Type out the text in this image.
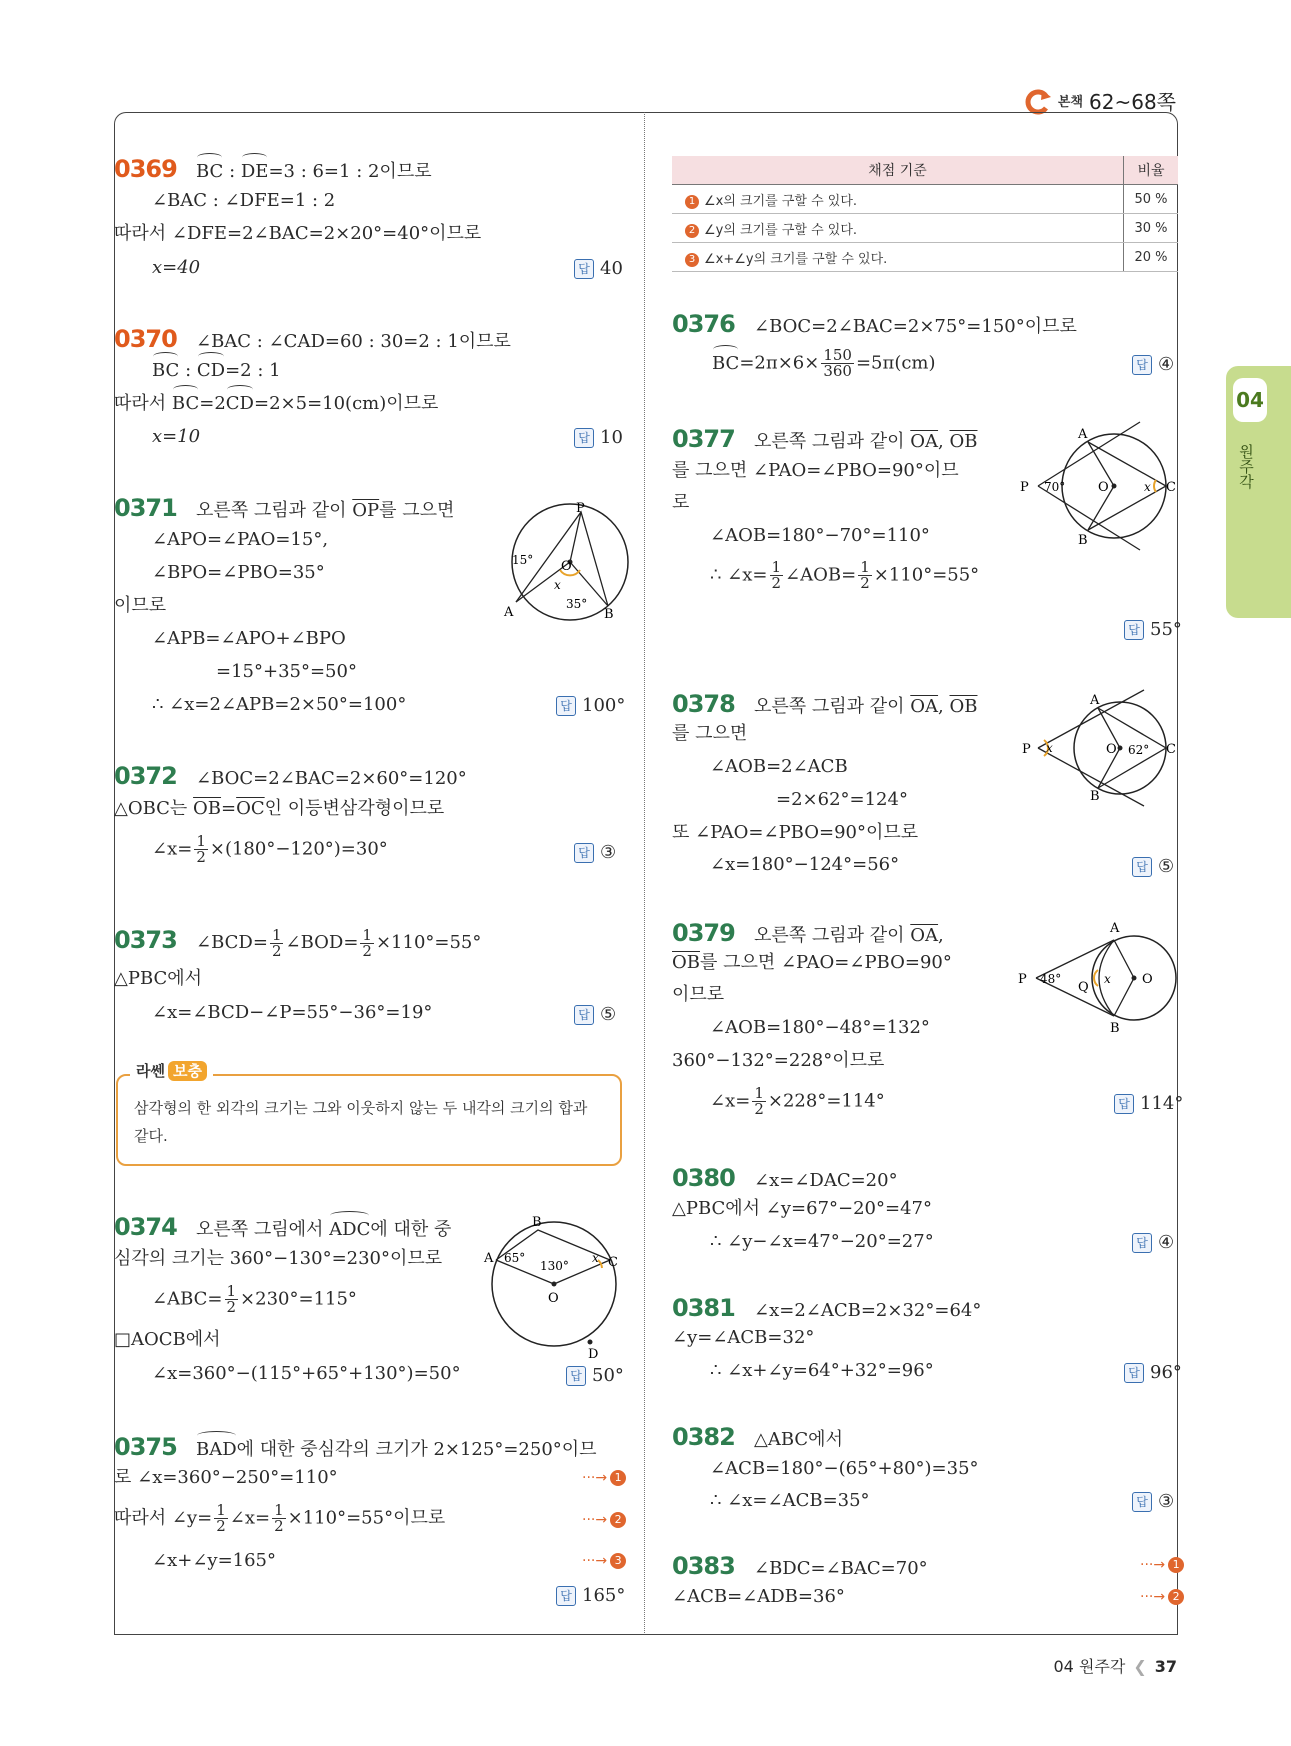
본책 62~68쪽
04
원주각
0369 BC : DE=3 : 6=1 : 2이므로
∠BAC : ∠DFE=1 : 2
따라서 ∠DFE=2∠BAC=2×20°=40°이므로
x=40	답 40
0370 ∠BAC : ∠CAD=60 : 30=2 : 1이므로
BC : CD=2 : 1
따라서 BC=2CD=2×5=10(cm)이므로
x=10	답 10
0371 오른쪽 그림과 같이 $\overline{OP}$를 그으면
∠APO=∠PAO=15°,
∠BPO=∠PBO=35°
이므로
∠APB=∠APO+∠BPO
=15°+35°=50°
∴ ∠x=2∠APB=2×50°=100°	답 100°
P
A	B
O
x
15°
35°
0372 ∠BOC=2∠BAC=2×60°=120°
△OBC는 $\overline{OB}=\overline{OC}$인 이등변삼각형이므로
∠x= $\frac{1}{2} \times(180^\circ-120^\circ)=30^\circ$	답 ③
0373 ∠BCD= $\frac{1}{2}$ ∠BOD= $\frac{1}{2} \times 110^\circ=55^\circ$
△PBC에서
∠x=∠BCD−∠P=55°−36°=19°	답 ⑤
라쎈 보충
삼각형의 한 외각의 크기는 그와 이웃하지 않는 두 내각의 크기의 합과 같다.
0374 오른쪽 그림에서 ADC에 대한 중
심각의 크기는 360°−130°=230°이므로
∠ABC= $\frac{1}{2} \times 230^\circ=115^\circ$
□AOCB에서
∠x=360°−(115°+65°+130°)=50°	답 50°
B
A	C
D
O
x
65°
130°
0375 BAD에 대한 중심각의 크기가 2×125°=250°이므
로 ∠x=360°−250°=110°	···→ 1
따라서 ∠y= $\frac{1}{2}$ ∠x= $\frac{1}{2} \times 110^\circ=55^\circ$이므로	···→ 2
∠x+∠y=165°	···→ 3
답 165°
채점 기준	비율
1 ∠x의 크기를 구할 수 있다.	50 %
2 ∠y의 크기를 구할 수 있다.	30 %
3 ∠x+∠y의 크기를 구할 수 있다.	20 %
0376 ∠BOC=2∠BAC=2×75°=150°이므로
$BC=2\pi\times 6\times \frac{150}{360} =5\pi(cm)$	답 ④
0377 오른쪽 그림과 같이 $\overline{OA}$, $\overline{OB}$
를 그으면 ∠PAO=∠PBO=90°이므
로
∠AOB=180°−70°=110°
∴ ∠x= $\frac{1}{2}$ ∠AOB= $\frac{1}{2} \times 110^\circ=55^\circ$
답 55°
A
B
C
O
P	x
70°
0378 오른쪽 그림과 같이 $\overline{OA}$, $\overline{OB}$
를 그으면
∠AOB=2∠ACB
=2×62°=124°
또 ∠PAO=∠PBO=90°이므로
∠x=180°−124°=56°	답 ⑤
A
B
C
O
P x	62°
0379 오른쪽 그림과 같이 $\overline{OA}$,
$\overline{OB}$를 그으면 ∠PAO=∠PBO=90°
이므로
∠AOB=180°−48°=132°
360°−132°=228°이므로
∠x= $\frac{1}{2} \times 228^\circ=114^\circ$	답 114°
A
B
O
P
Q
x
48°
0380 ∠x=∠DAC=20°
△PBC에서 ∠y=67°−20°=47°
∴ ∠y−∠x=47°−20°=27°	답 ④
0381 ∠x=2∠ACB=2×32°=64°
∠y=∠ACB=32°
∴ ∠x+∠y=64°+32°=96°	답 96°
0382 △ABC에서
∠ACB=180°−(65°+80°)=35°
∴ ∠x=∠ACB=35°	답 ③
0383 ∠BDC=∠BAC=70°	···→ 1
∠ACB=∠ADB=36°	···→ 2
04 원주각 ❮ 37
